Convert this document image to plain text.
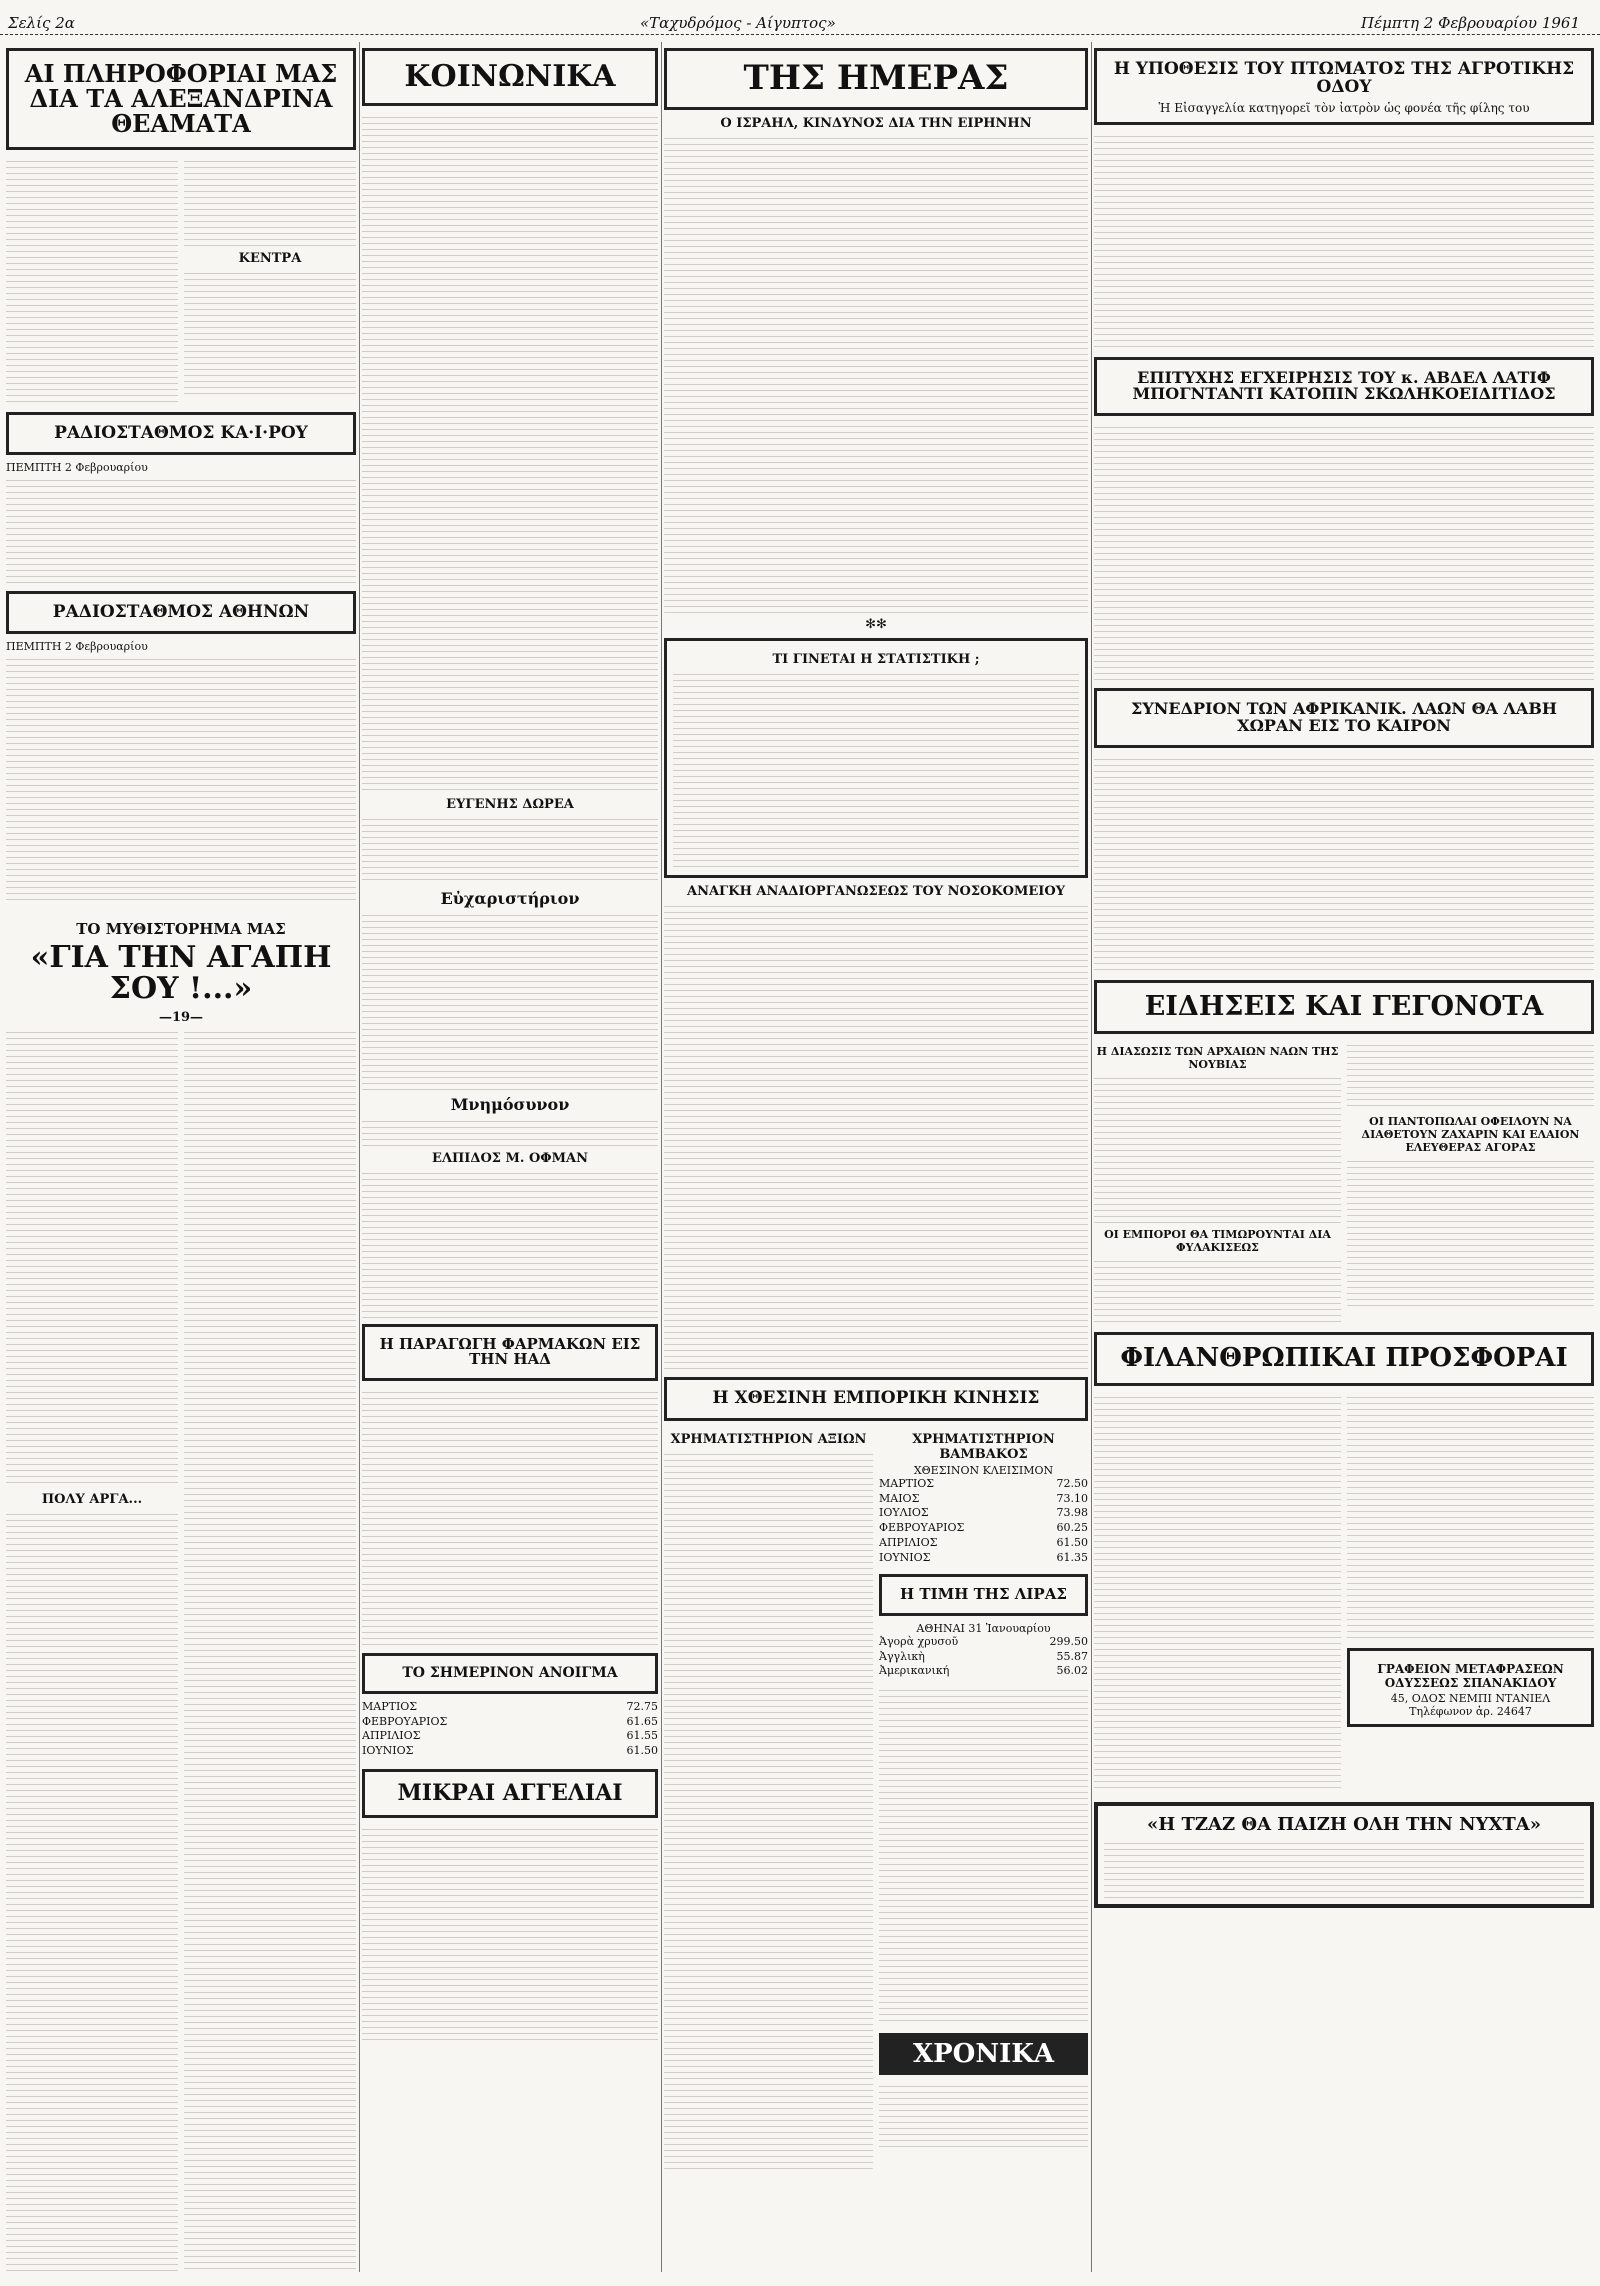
Σελίς 2α	«Ταχυδρόμος - Αίγυπτος»	Πέμπτη 2 Φεβρουαρίου 1961
ΑΙ ΠΛΗΡΟΦΟΡΙΑΙ ΜΑΣ ΔΙΑ ΤΑ ΑΛΕΞΑΝΔΡΙΝΑ ΘΕΑΜΑΤΑ
ΚΕΝΤΡΑ
ΡΑΔΙΟΣΤΑΘΜΟΣ ΚΑ·Ι·ΡΟΥ
ΠΕΜΠΤΗ 2 Φεβρουαρίου
ΡΑΔΙΟΣΤΑΘΜΟΣ ΑΘΗΝΩΝ
ΠΕΜΠΤΗ 2 Φεβρουαρίου
ΤΟ ΜΥΘΙΣΤΟΡΗΜΑ ΜΑΣ
«ΓΙΑ ΤΗΝ ΑΓΑΠΗ ΣΟΥ !...»
—19—
ΠΟΛΥ ΑΡΓΑ...
ΚΟΙΝΩΝΙΚΑ
ΕΥΓΕΝΗΣ ΔΩΡΕΑ
Εὐχαριστήριον
Μνημόσυνον
ΕΛΠΙΔΟΣ Μ. ΟΦΜΑΝ
Η ΠΑΡΑΓΩΓΗ ΦΑΡΜΑΚΩΝ ΕΙΣ ΤΗΝ ΗΑΔ
ΤΟ ΣΗΜΕΡΙΝΟΝ ΑΝΟΙΓΜΑ
ΜΑΡΤΙΟΣ	72.75
ΦΕΒΡΟΥΑΡΙΟΣ	61.65
ΑΠΡΙΛΙΟΣ	61.55
ΙΟΥΝΙΟΣ	61.50
ΜΙΚΡΑΙ ΑΓΓΕΛΙΑΙ
ΤΗΣ ΗΜΕΡΑΣ
Ο ΙΣΡΑΗΛ, ΚΙΝΔΥΝΟΣ ΔΙΑ ΤΗΝ ΕΙΡΗΝΗΝ
✻✻
ΤΙ ΓΙΝΕΤΑΙ Η ΣΤΑΤΙΣΤΙΚΗ ;
ΑΝΑΓΚΗ ΑΝΑΔΙΟΡΓΑΝΩΣΕΩΣ ΤΟΥ ΝΟΣΟΚΟΜΕΙΟΥ
Η ΧΘΕΣΙΝΗ ΕΜΠΟΡΙΚΗ ΚΙΝΗΣΙΣ
ΧΡΗΜΑΤΙΣΤΗΡΙΟΝ ΑΞΙΩΝ	ΧΡΗΜΑΤΙΣΤΗΡΙΟΝ ΒΑΜΒΑΚΟΣ
ΧΘΕΣΙΝΟΝ ΚΛΕΙΣΙΜΟΝ
ΜΑΡΤΙΟΣ	72.50
ΜΑΙΟΣ	73.10
ΙΟΥΛΙΟΣ	73.98
ΦΕΒΡΟΥΑΡΙΟΣ	60.25
ΑΠΡΙΛΙΟΣ	61.50
ΙΟΥΝΙΟΣ	61.35
Η ΤΙΜΗ ΤΗΣ ΛΙΡΑΣ
ΑΘΗΝΑΙ 31 Ἰανουαρίου
Ἀγορὰ χρυσοῦ	299.50
Ἀγγλικὴ	55.87
Ἀμερικανική	56.02
ΧΡΟΝΙΚΑ
Η ΥΠΟΘΕΣΙΣ ΤΟΥ ΠΤΩΜΑΤΟΣ ΤΗΣ ΑΓΡΟΤΙΚΗΣ ΟΔΟΥ
Ἡ Εἰσαγγελία κατηγορεῖ τὸν ἰατρὸν ὡς φονέα τῆς φίλης του
ΕΠΙΤΥΧΗΣ ΕΓΧΕΙΡΗΣΙΣ ΤΟΥ κ. ΑΒΔΕΛ ΛΑΤΙΦ ΜΠΟΓΝΤΑΝΤΙ ΚΑΤΟΠΙΝ ΣΚΩΛΗΚΟΕΙΔΙΤΙΔΟΣ
ΣΥΝΕΔΡΙΟΝ ΤΩΝ ΑΦΡΙΚΑΝΙΚ. ΛΑΩΝ ΘΑ ΛΑΒΗ ΧΩΡΑΝ ΕΙΣ ΤΟ ΚΑΙΡΟΝ
ΕΙΔΗΣΕΙΣ ΚΑΙ ΓΕΓΟΝΟΤΑ
Η ΔΙΑΣΩΣΙΣ ΤΩΝ ΑΡΧΑΙΩΝ ΝΑΩΝ ΤΗΣ ΝΟΥΒΙΑΣ
ΟΙ ΕΜΠΟΡΟΙ ΘΑ ΤΙΜΩΡΟΥΝΤΑΙ ΔΙΑ ΦΥΛΑΚΙΣΕΩΣ
ΟΙ ΠΑΝΤΟΠΩΛΑΙ ΟΦΕΙΛΟΥΝ ΝΑ ΔΙΑΘΕΤΟΥΝ ΖΑΧΑΡΙΝ ΚΑΙ ΕΛΑΙΟΝ ΕΛΕΥΘΕΡΑΣ ΑΓΟΡΑΣ
ΦΙΛΑΝΘΡΩΠΙΚΑΙ ΠΡΟΣΦΟΡΑΙ
ΓΡΑΦΕΙΟΝ ΜΕΤΑΦΡΑΣΕΩΝ ΟΔΥΣΣΕΩΣ ΣΠΑΝΑΚΙΔΟΥ
45, ΟΔΟΣ ΝΕΜΠΙ ΝΤΑΝΙΕΛ
Τηλέφωνον ἀρ. 24647
«Η ΤΖΑΖ ΘΑ ΠΑΙΖΗ ΟΛΗ ΤΗΝ ΝΥΧΤΑ»
